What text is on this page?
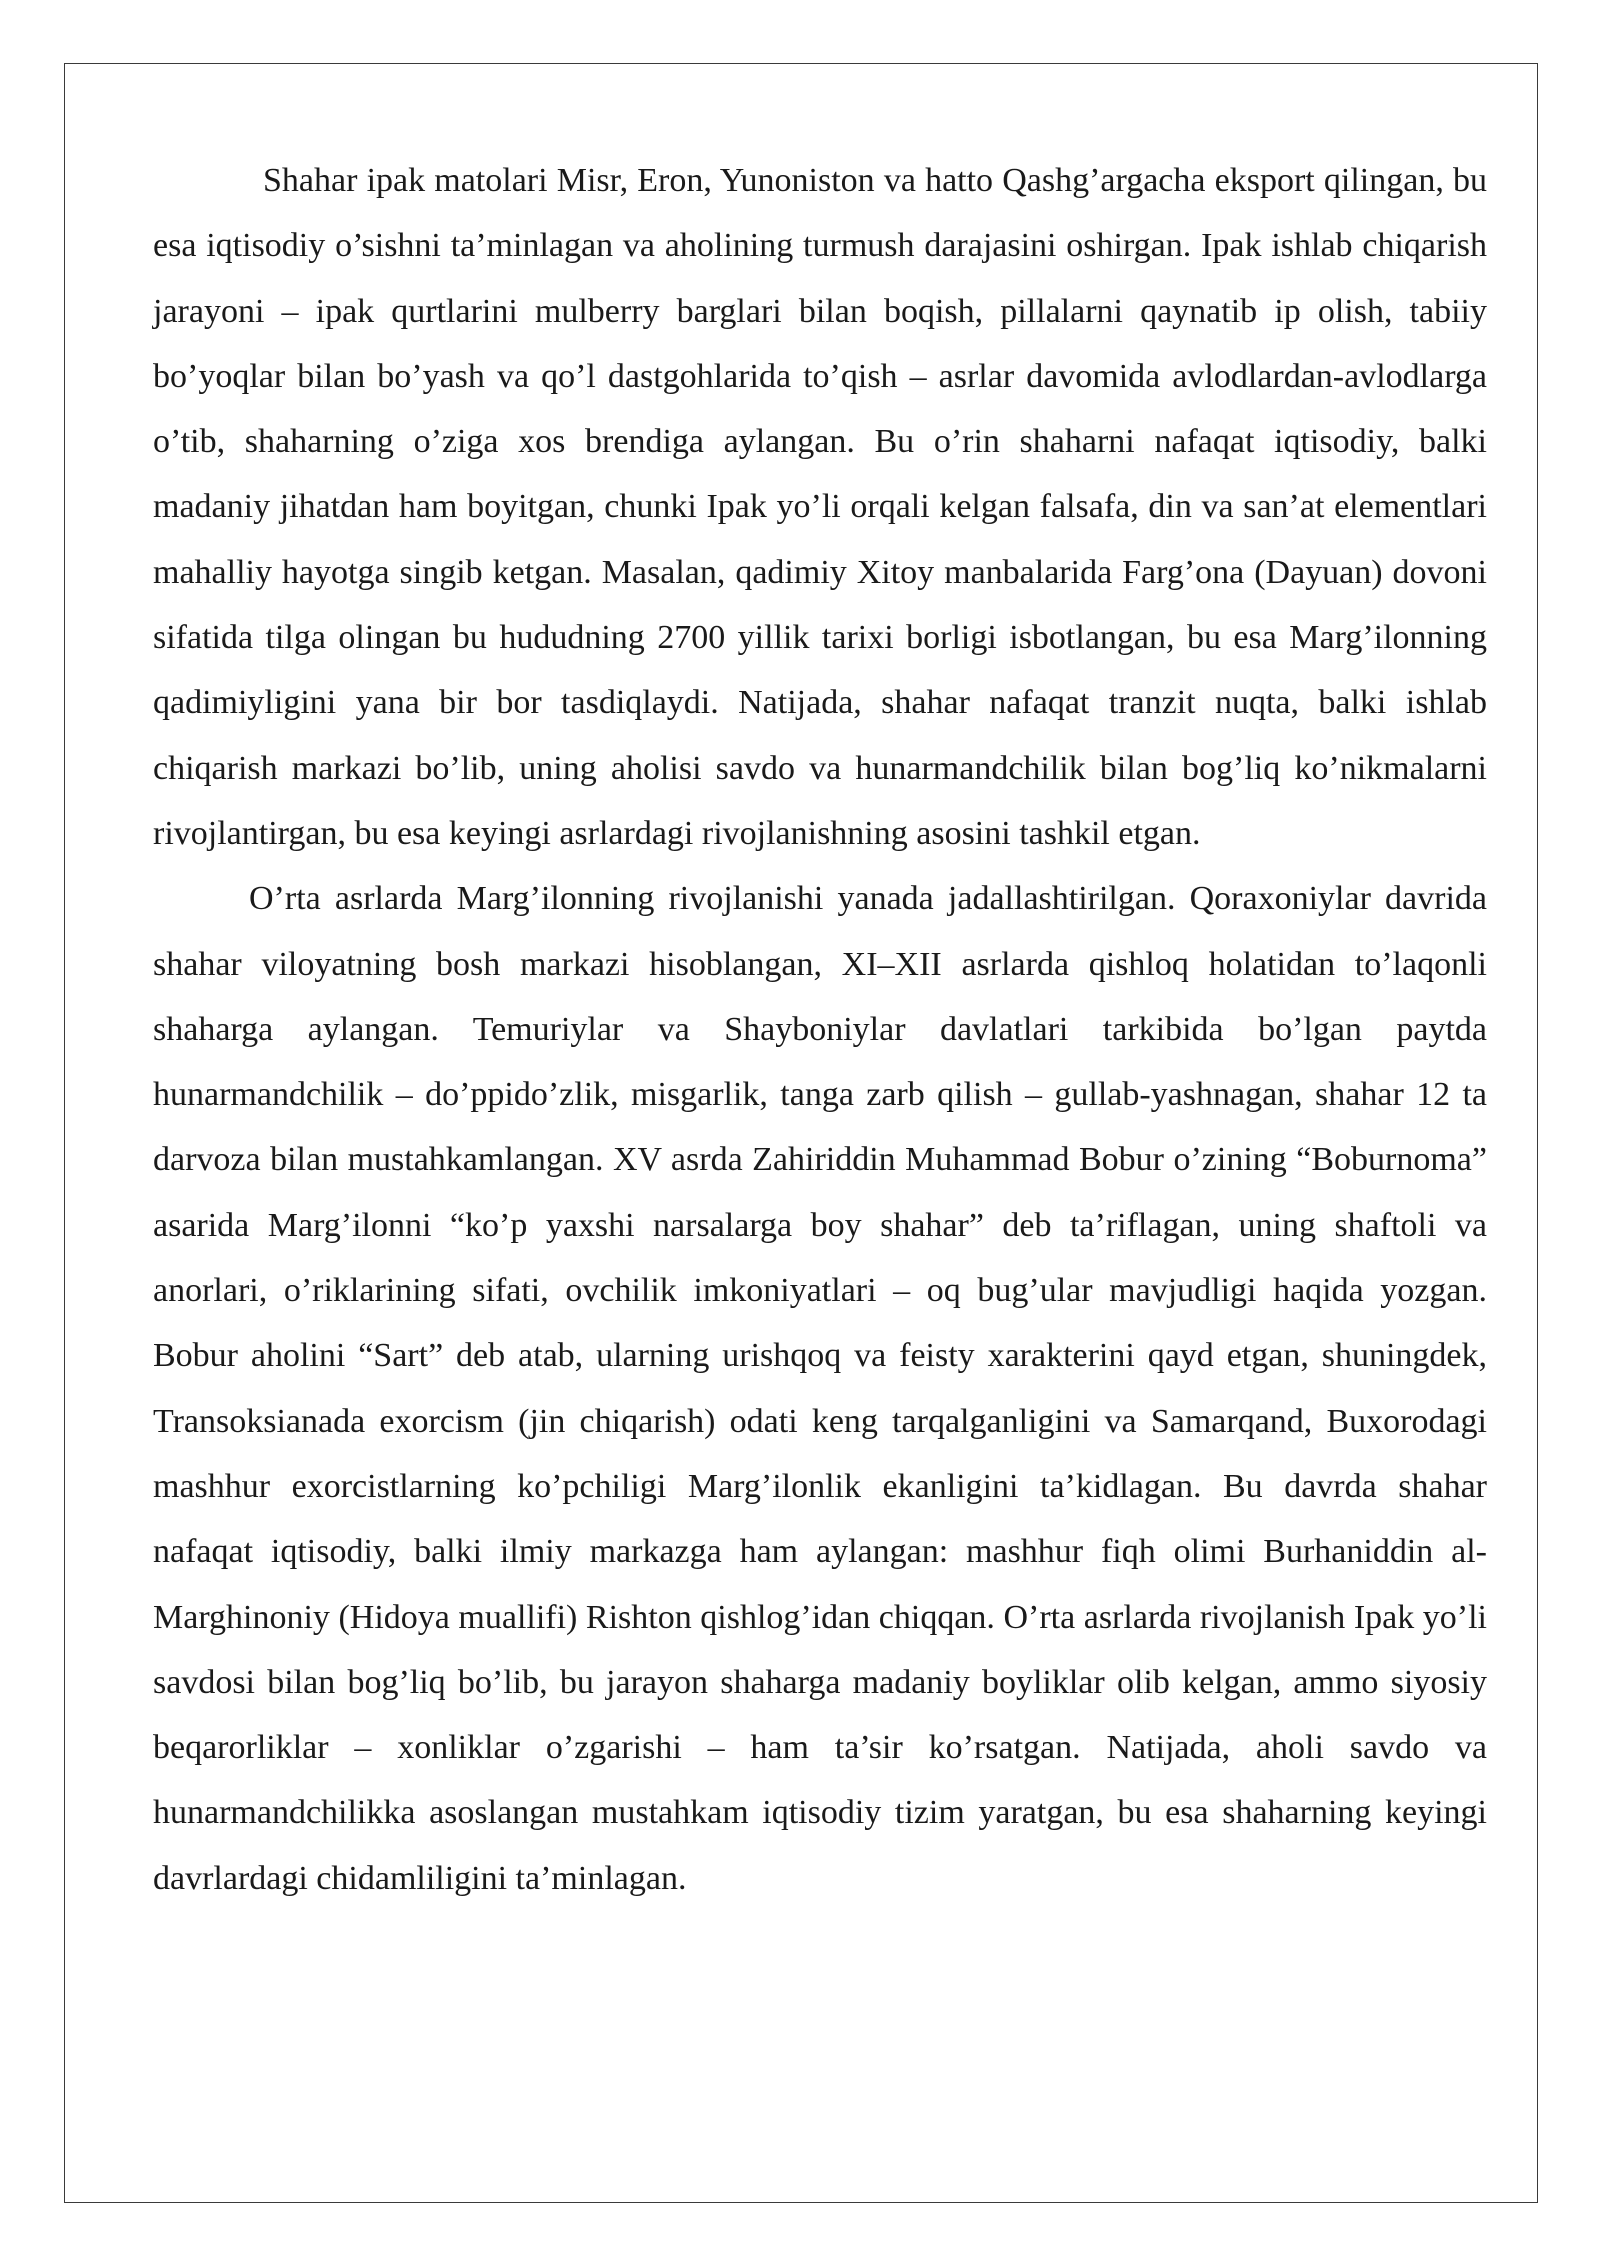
Shahar ipak matolari Misr, Eron, Yunoniston va hatto Qashg’argacha eksport qilingan, bu esa iqtisodiy o’sishni ta’minlagan va aholining turmush darajasini oshirgan. Ipak ishlab chiqarish jarayoni – ipak qurtlarini mulberry barglari bilan boqish, pillalarni qaynatib ip olish, tabiiy bo’yoqlar bilan bo’yash va qo’l dastgohlarida to’qish – asrlar davomida avlodlardan-avlodlarga o’tib, shaharning o’ziga xos brendiga aylangan. Bu o’rin shaharni nafaqat iqtisodiy, balki madaniy jihatdan ham boyitgan, chunki Ipak yo’li orqali kelgan falsafa, din va san’at elementlari mahalliy hayotga singib ketgan. Masalan, qadimiy Xitoy manbalarida Farg’ona (Dayuan) dovoni sifatida tilga olingan bu hududning 2700 yillik tarixi borligi isbotlangan, bu esa Marg’ilonning qadimiyligini yana bir bor tasdiqlaydi. Natijada, shahar nafaqat tranzit nuqta, balki ishlab chiqarish markazi bo’lib, uning aholisi savdo va hunarmandchilik bilan bog’liq ko’nikmalarni rivojlantirgan, bu esa keyingi asrlardagi rivojlanishning asosini tashkil etgan.

O’rta asrlarda Marg’ilonning rivojlanishi yanada jadallashtirilgan. Qoraxoniylar davrida shahar viloyatning bosh markazi hisoblangan, XI–XII asrlarda qishloq holatidan to’laqonli shaharga aylangan. Temuriylar va Shayboniylar davlatlari tarkibida bo’lgan paytda hunarmandchilik – do’ppido’zlik, misgarlik, tanga zarb qilish – gullab-yashnagan, shahar 12 ta darvoza bilan mustahkamlangan. XV asrda Zahiriddin Muhammad Bobur o’zining “Boburnoma” asarida Marg’ilonni “ko’p yaxshi narsalarga boy shahar” deb ta’riflagan, uning shaftoli va anorlari, o’riklarining sifati, ovchilik imkoniyatlari – oq bug’ular mavjudligi haqida yozgan. Bobur aholini “Sart” deb atab, ularning urishqoq va feisty xarakterini qayd etgan, shuningdek, Transoksianada exorcism (jin chiqarish) odati keng tarqalganligini va Samarqand, Buxorodagi mashhur exorcistlarning ko’pchiligi Marg’ilonlik ekanligini ta’kidlagan. Bu davrda shahar nafaqat iqtisodiy, balki ilmiy markazga ham aylangan: mashhur fiqh olimi Burhaniddin al-Marghinoniy (Hidoya muallifi) Rishton qishlog’idan chiqqan. O’rta asrlarda rivojlanish Ipak yo’li savdosi bilan bog’liq bo’lib, bu jarayon shaharga madaniy boyliklar olib kelgan, ammo siyosiy beqarorliklar – xonliklar o’zgarishi – ham ta’sir ko’rsatgan. Natijada, aholi savdo va hunarmandchilikka asoslangan mustahkam iqtisodiy tizim yaratgan, bu esa shaharning keyingi davrlardagi chidamliligini ta’minlagan.
